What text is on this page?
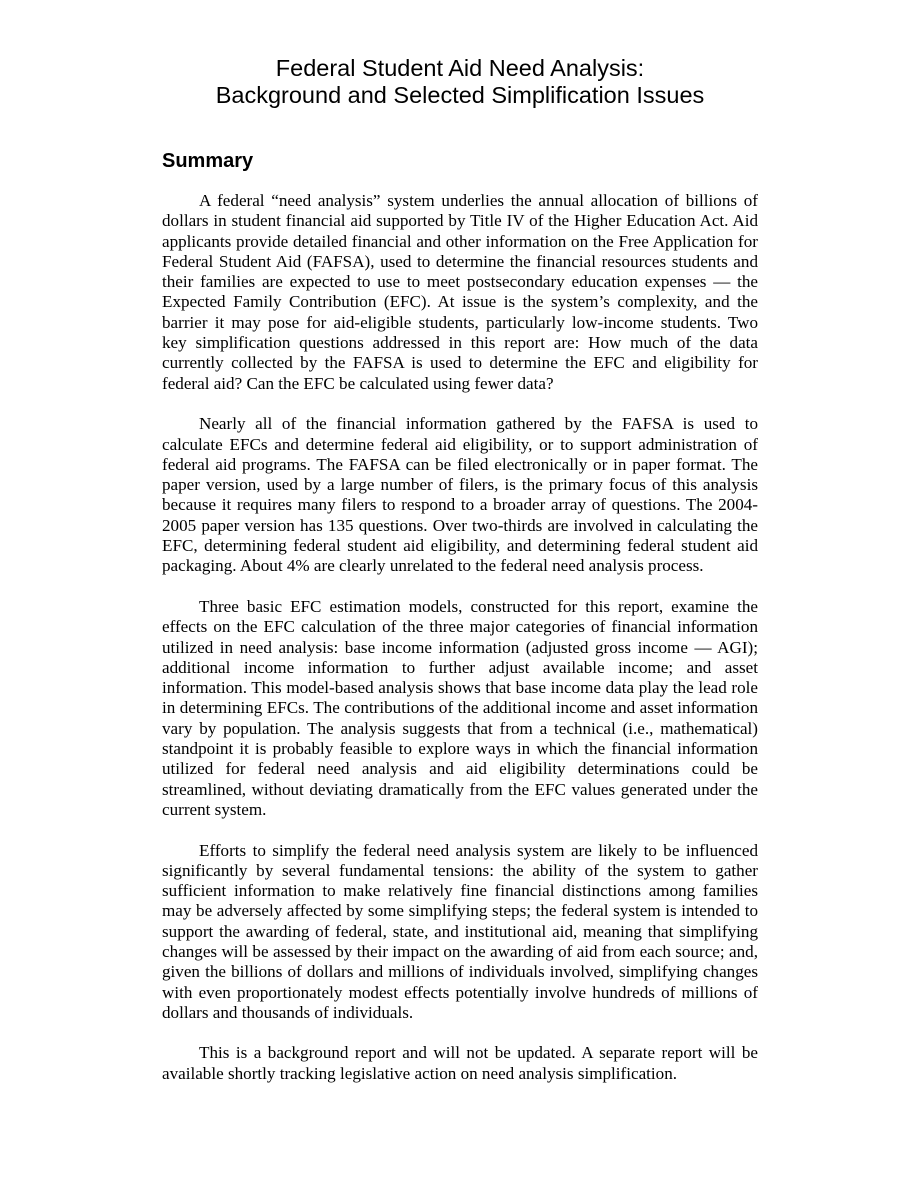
Federal Student Aid Need Analysis:
Background and Selected Simplification Issues
Summary

A federal “need analysis” system underlies the annual allocation of billions of dollars in student financial aid supported by Title IV of the Higher Education Act. Aid applicants provide detailed financial and other information on the Free Application for Federal Student Aid (FAFSA), used to determine the financial resources students and their families are expected to use to meet postsecondary education expenses — the Expected Family Contribution (EFC). At issue is the system’s complexity, and the barrier it may pose for aid-eligible students, particularly low-income students. Two key simplification questions addressed in this report are: How much of the data currently collected by the FAFSA is used to determine the EFC and eligibility for federal aid? Can the EFC be calculated using fewer data?

Nearly all of the financial information gathered by the FAFSA is used to calculate EFCs and determine federal aid eligibility, or to support administration of federal aid programs. The FAFSA can be filed electronically or in paper format. The paper version, used by a large number of filers, is the primary focus of this analysis because it requires many filers to respond to a broader array of questions. The 2004-2005 paper version has 135 questions. Over two-thirds are involved in calculating the EFC, determining federal student aid eligibility, and determining federal student aid packaging. About 4% are clearly unrelated to the federal need analysis process.

Three basic EFC estimation models, constructed for this report, examine the effects on the EFC calculation of the three major categories of financial information utilized in need analysis: base income information (adjusted gross income — AGI); additional income information to further adjust available income; and asset information. This model-based analysis shows that base income data play the lead role in determining EFCs. The contributions of the additional income and asset information vary by population. The analysis suggests that from a technical (i.e., mathematical) standpoint it is probably feasible to explore ways in which the financial information utilized for federal need analysis and aid eligibility determinations could be streamlined, without deviating dramatically from the EFC values generated under the current system.

Efforts to simplify the federal need analysis system are likely to be influenced significantly by several fundamental tensions: the ability of the system to gather sufficient information to make relatively fine financial distinctions among families may be adversely affected by some simplifying steps; the federal system is intended to support the awarding of federal, state, and institutional aid, meaning that simplifying changes will be assessed by their impact on the awarding of aid from each source; and, given the billions of dollars and millions of individuals involved, simplifying changes with even proportionately modest effects potentially involve hundreds of millions of dollars and thousands of individuals.

This is a background report and will not be updated. A separate report will be available shortly tracking legislative action on need analysis simplification.
